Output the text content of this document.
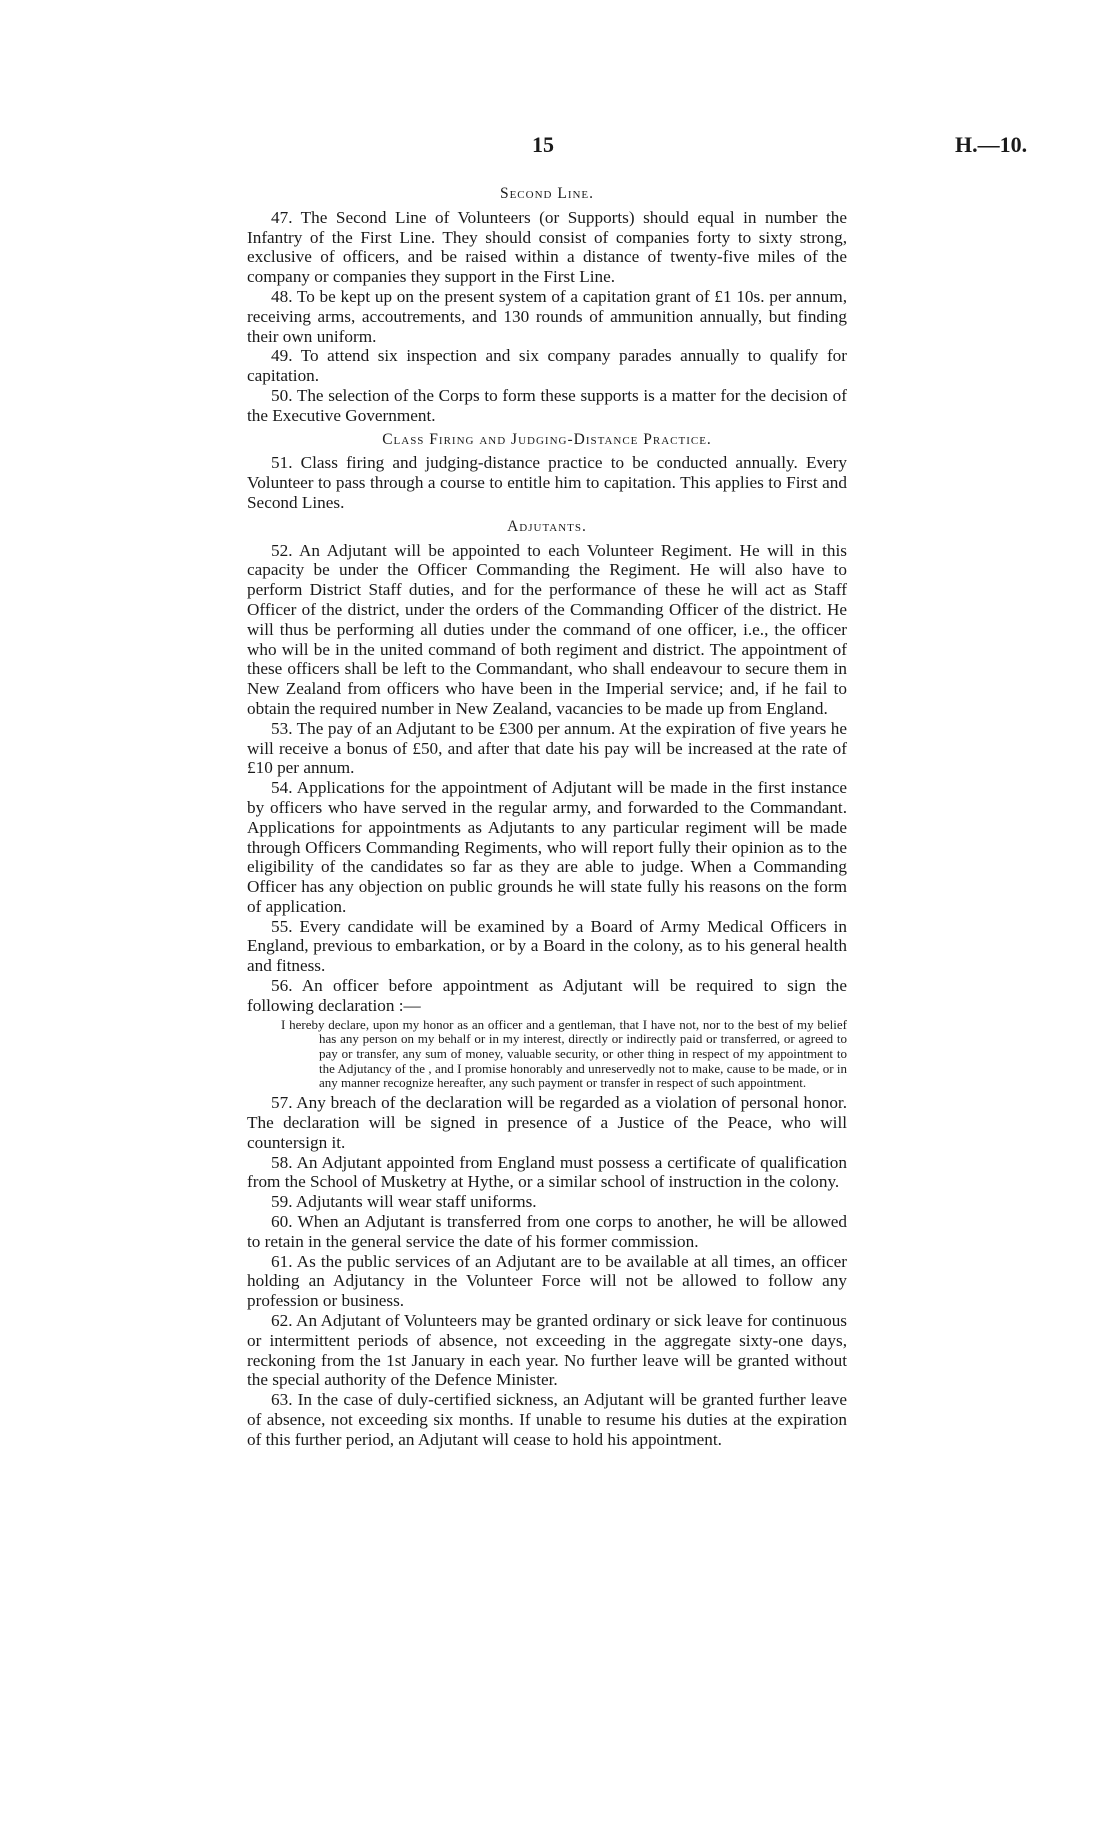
15	H.—10.
Second Line.

47. The Second Line of Volunteers (or Supports) should equal in number the Infantry of the First Line. They should consist of companies forty to sixty strong, exclusive of officers, and be raised within a distance of twenty-five miles of the company or companies they support in the First Line.

48. To be kept up on the present system of a capitation grant of £1 10s. per annum, receiving arms, accoutrements, and 130 rounds of ammunition annually, but finding their own uniform.

49. To attend six inspection and six company parades annually to qualify for capitation.

50. The selection of the Corps to form these supports is a matter for the decision of the Executive Government.

Class Firing and Judging-Distance Practice.

51. Class firing and judging-distance practice to be conducted annually. Every Volunteer to pass through a course to entitle him to capitation. This applies to First and Second Lines.

Adjutants.

52. An Adjutant will be appointed to each Volunteer Regiment. He will in this capacity be under the Officer Commanding the Regiment. He will also have to perform District Staff duties, and for the performance of these he will act as Staff Officer of the district, under the orders of the Commanding Officer of the district. He will thus be performing all duties under the command of one officer, i.e., the officer who will be in the united command of both regiment and district. The appointment of these officers shall be left to the Commandant, who shall endeavour to secure them in New Zealand from officers who have been in the Imperial service; and, if he fail to obtain the required number in New Zealand, vacancies to be made up from England.

53. The pay of an Adjutant to be £300 per annum. At the expiration of five years he will receive a bonus of £50, and after that date his pay will be increased at the rate of £10 per annum.

54. Applications for the appointment of Adjutant will be made in the first instance by officers who have served in the regular army, and forwarded to the Commandant. Applications for appointments as Adjutants to any particular regiment will be made through Officers Commanding Regiments, who will report fully their opinion as to the eligibility of the candidates so far as they are able to judge. When a Commanding Officer has any objection on public grounds he will state fully his reasons on the form of application.

55. Every candidate will be examined by a Board of Army Medical Officers in England, previous to embarkation, or by a Board in the colony, as to his general health and fitness.

56. An officer before appointment as Adjutant will be required to sign the following declaration :—

I hereby declare, upon my honor as an officer and a gentleman, that I have not, nor to the best of my belief has any person on my behalf or in my interest, directly or indirectly paid or transferred, or agreed to pay or transfer, any sum of money, valuable security, or other thing in respect of my appointment to the Adjutancy of the , and I promise honorably and unreservedly not to make, cause to be made, or in any manner recognize hereafter, any such payment or transfer in respect of such appointment.

57. Any breach of the declaration will be regarded as a violation of personal honor. The declaration will be signed in presence of a Justice of the Peace, who will countersign it.

58. An Adjutant appointed from England must possess a certificate of qualification from the School of Musketry at Hythe, or a similar school of instruction in the colony.

59. Adjutants will wear staff uniforms.

60. When an Adjutant is transferred from one corps to another, he will be allowed to retain in the general service the date of his former commission.

61. As the public services of an Adjutant are to be available at all times, an officer holding an Adjutancy in the Volunteer Force will not be allowed to follow any profession or business.

62. An Adjutant of Volunteers may be granted ordinary or sick leave for continuous or intermittent periods of absence, not exceeding in the aggregate sixty-one days, reckoning from the 1st January in each year. No further leave will be granted without the special authority of the Defence Minister.

63. In the case of duly-certified sickness, an Adjutant will be granted further leave of absence, not exceeding six months. If unable to resume his duties at the expiration of this further period, an Adjutant will cease to hold his appointment.
